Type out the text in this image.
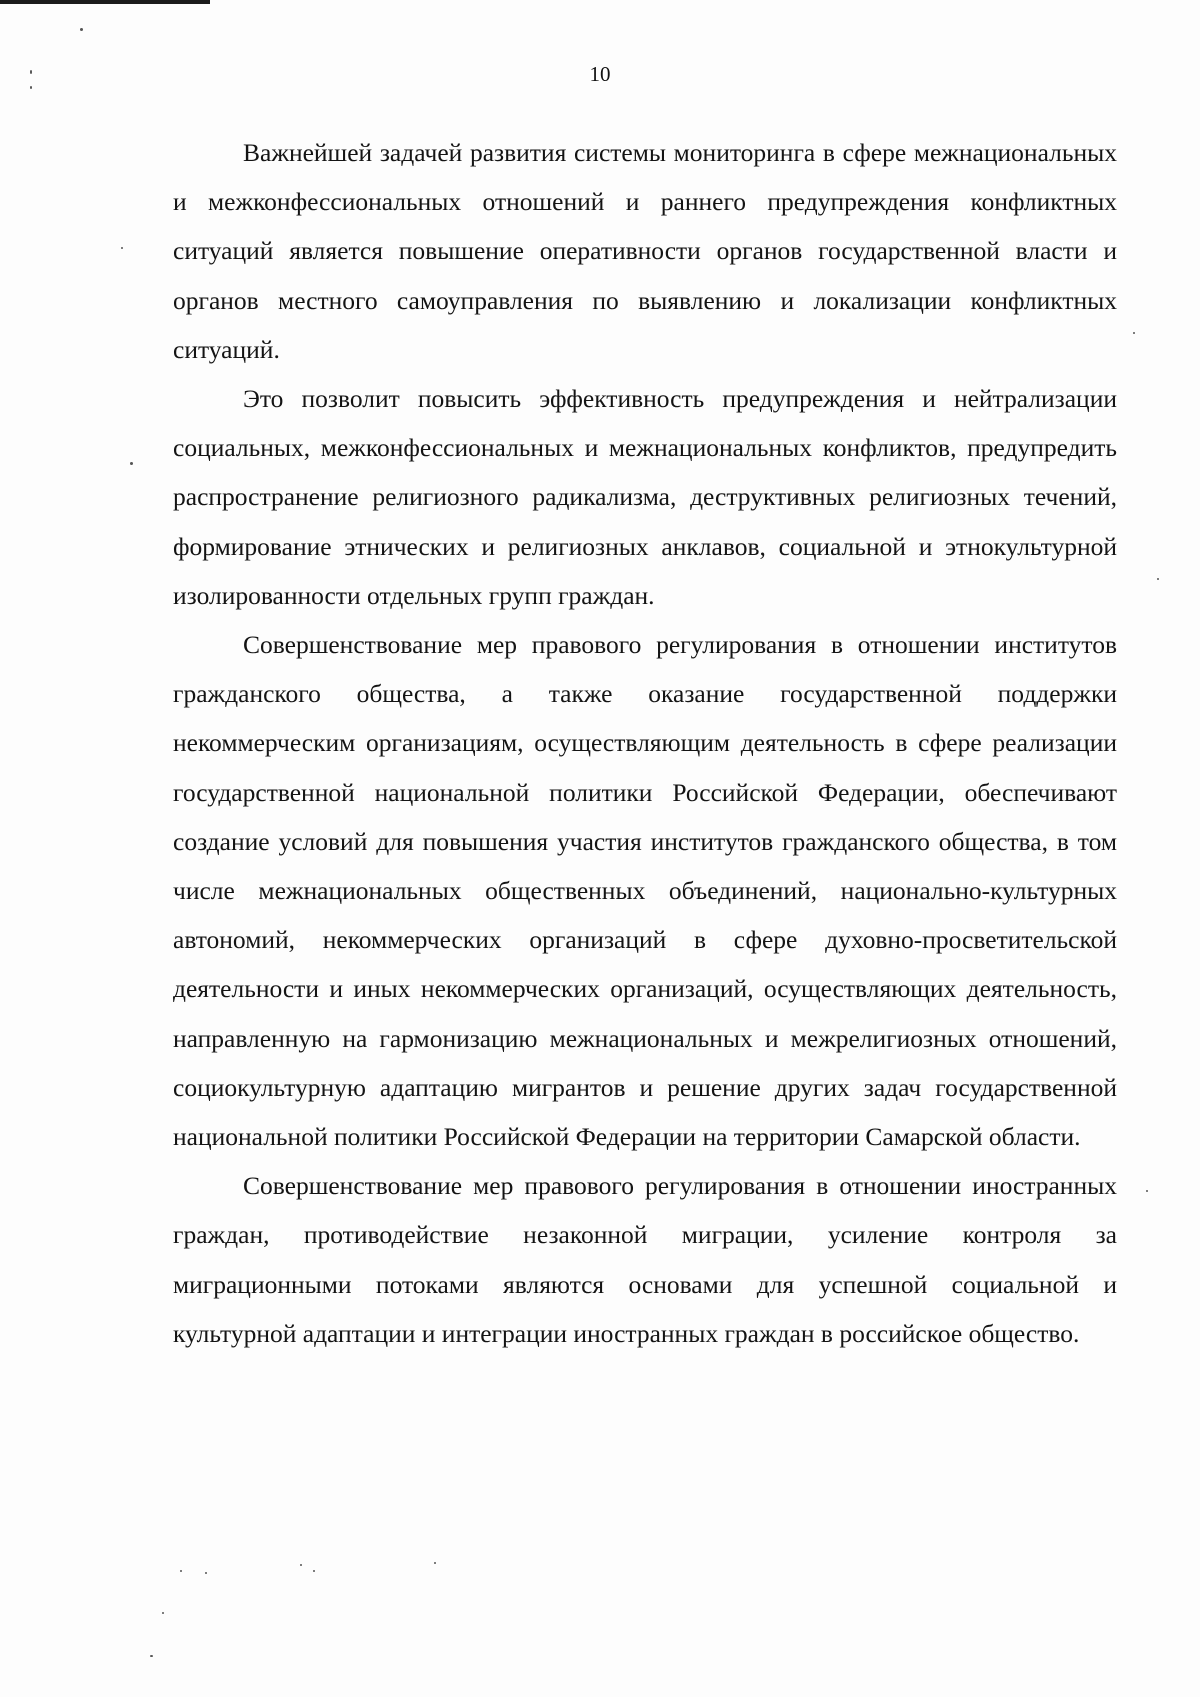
10

Важнейшей задачей развития системы мониторинга в сфере межнациональных и межконфессиональных отношений и раннего предупреждения конфликтных ситуаций является повышение оперативности органов государственной власти и органов местного самоуправления по выявлению и локализации конфликтных ситуаций.

Это позволит повысить эффективность предупреждения и нейтрализации социальных, межконфессиональных и межнациональных конфликтов, предупредить распространение религиозного радикализма, деструктивных религиозных течений, формирование этнических и религиозных анклавов, социальной и этнокультурной изолированности отдельных групп граждан.

Совершенствование мер правового регулирования в отношении институтов гражданского общества, а также оказание государственной поддержки некоммерческим организациям, осуществляющим деятельность в сфере реализации государственной национальной политики Российской Федерации, обеспечивают создание условий для повышения участия институтов гражданского общества, в том числе межнациональных общественных объединений, национально-культурных автономий, некоммерческих организаций в сфере духовно-просветительской деятельности и иных некоммерческих организаций, осуществляющих деятельность, направленную на гармонизацию межнациональных и межрелигиозных отношений, социокультурную адаптацию мигрантов и решение других задач государственной национальной политики Российской Федерации на территории Самарской области.

Совершенствование мер правового регулирования в отношении иностранных граждан, противодействие незаконной миграции, усиление контроля за миграционными потоками являются основами для успешной социальной и культурной адаптации и интеграции иностранных граждан в российское общество.
